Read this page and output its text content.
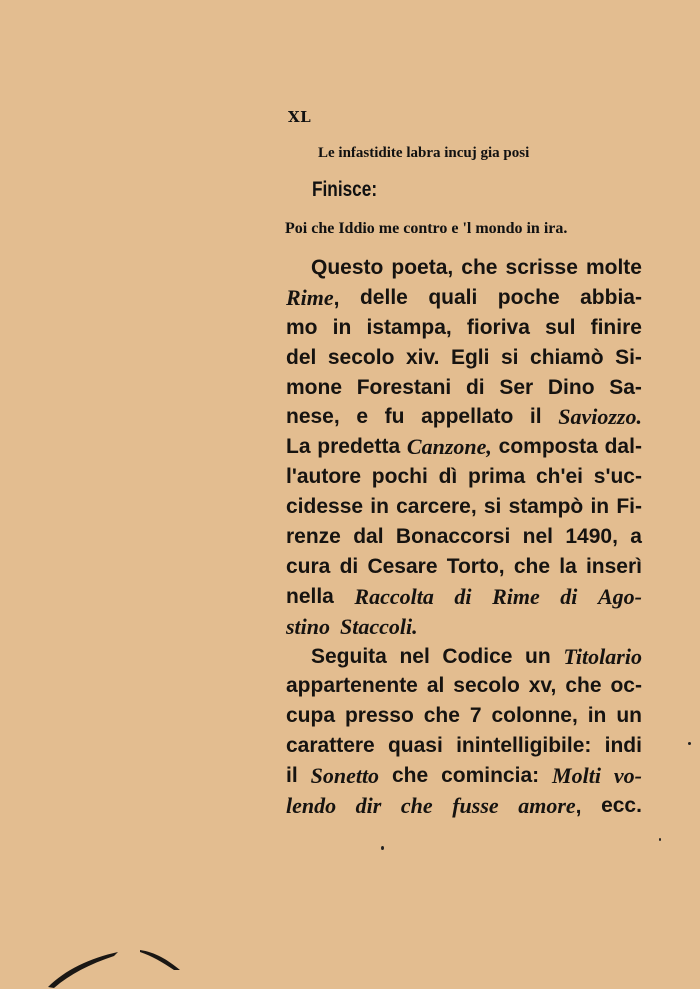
XL
Le infastidite labra incuj gia posi
Finisce:
Poi che Iddio me contro e 'l mondo in ira.
Questo poeta, che scrisse molte
Rime, delle quali poche abbia-
mo in istampa, fioriva sul finire
del secolo xiv. Egli si chiamò Si-
mone Forestani di Ser Dino Sa-
nese, e fu appellato il Saviozzo.
La predetta Canzone, composta dal-
l'autore pochi dì prima ch'ei s'uc-
cidesse in carcere, si stampò in Fi-
renze dal Bonaccorsi nel 1490, a
cura di Cesare Torto, che la inserì
nella Raccolta di Rime di Ago-
stino Staccoli.
Seguita nel Codice un Titolario
appartenente al secolo xv, che oc-
cupa presso che 7 colonne, in un
carattere quasi inintelligibile: indi
il Sonetto che comincia: Molti vo-
lendo dir che fusse amore, ecc.
